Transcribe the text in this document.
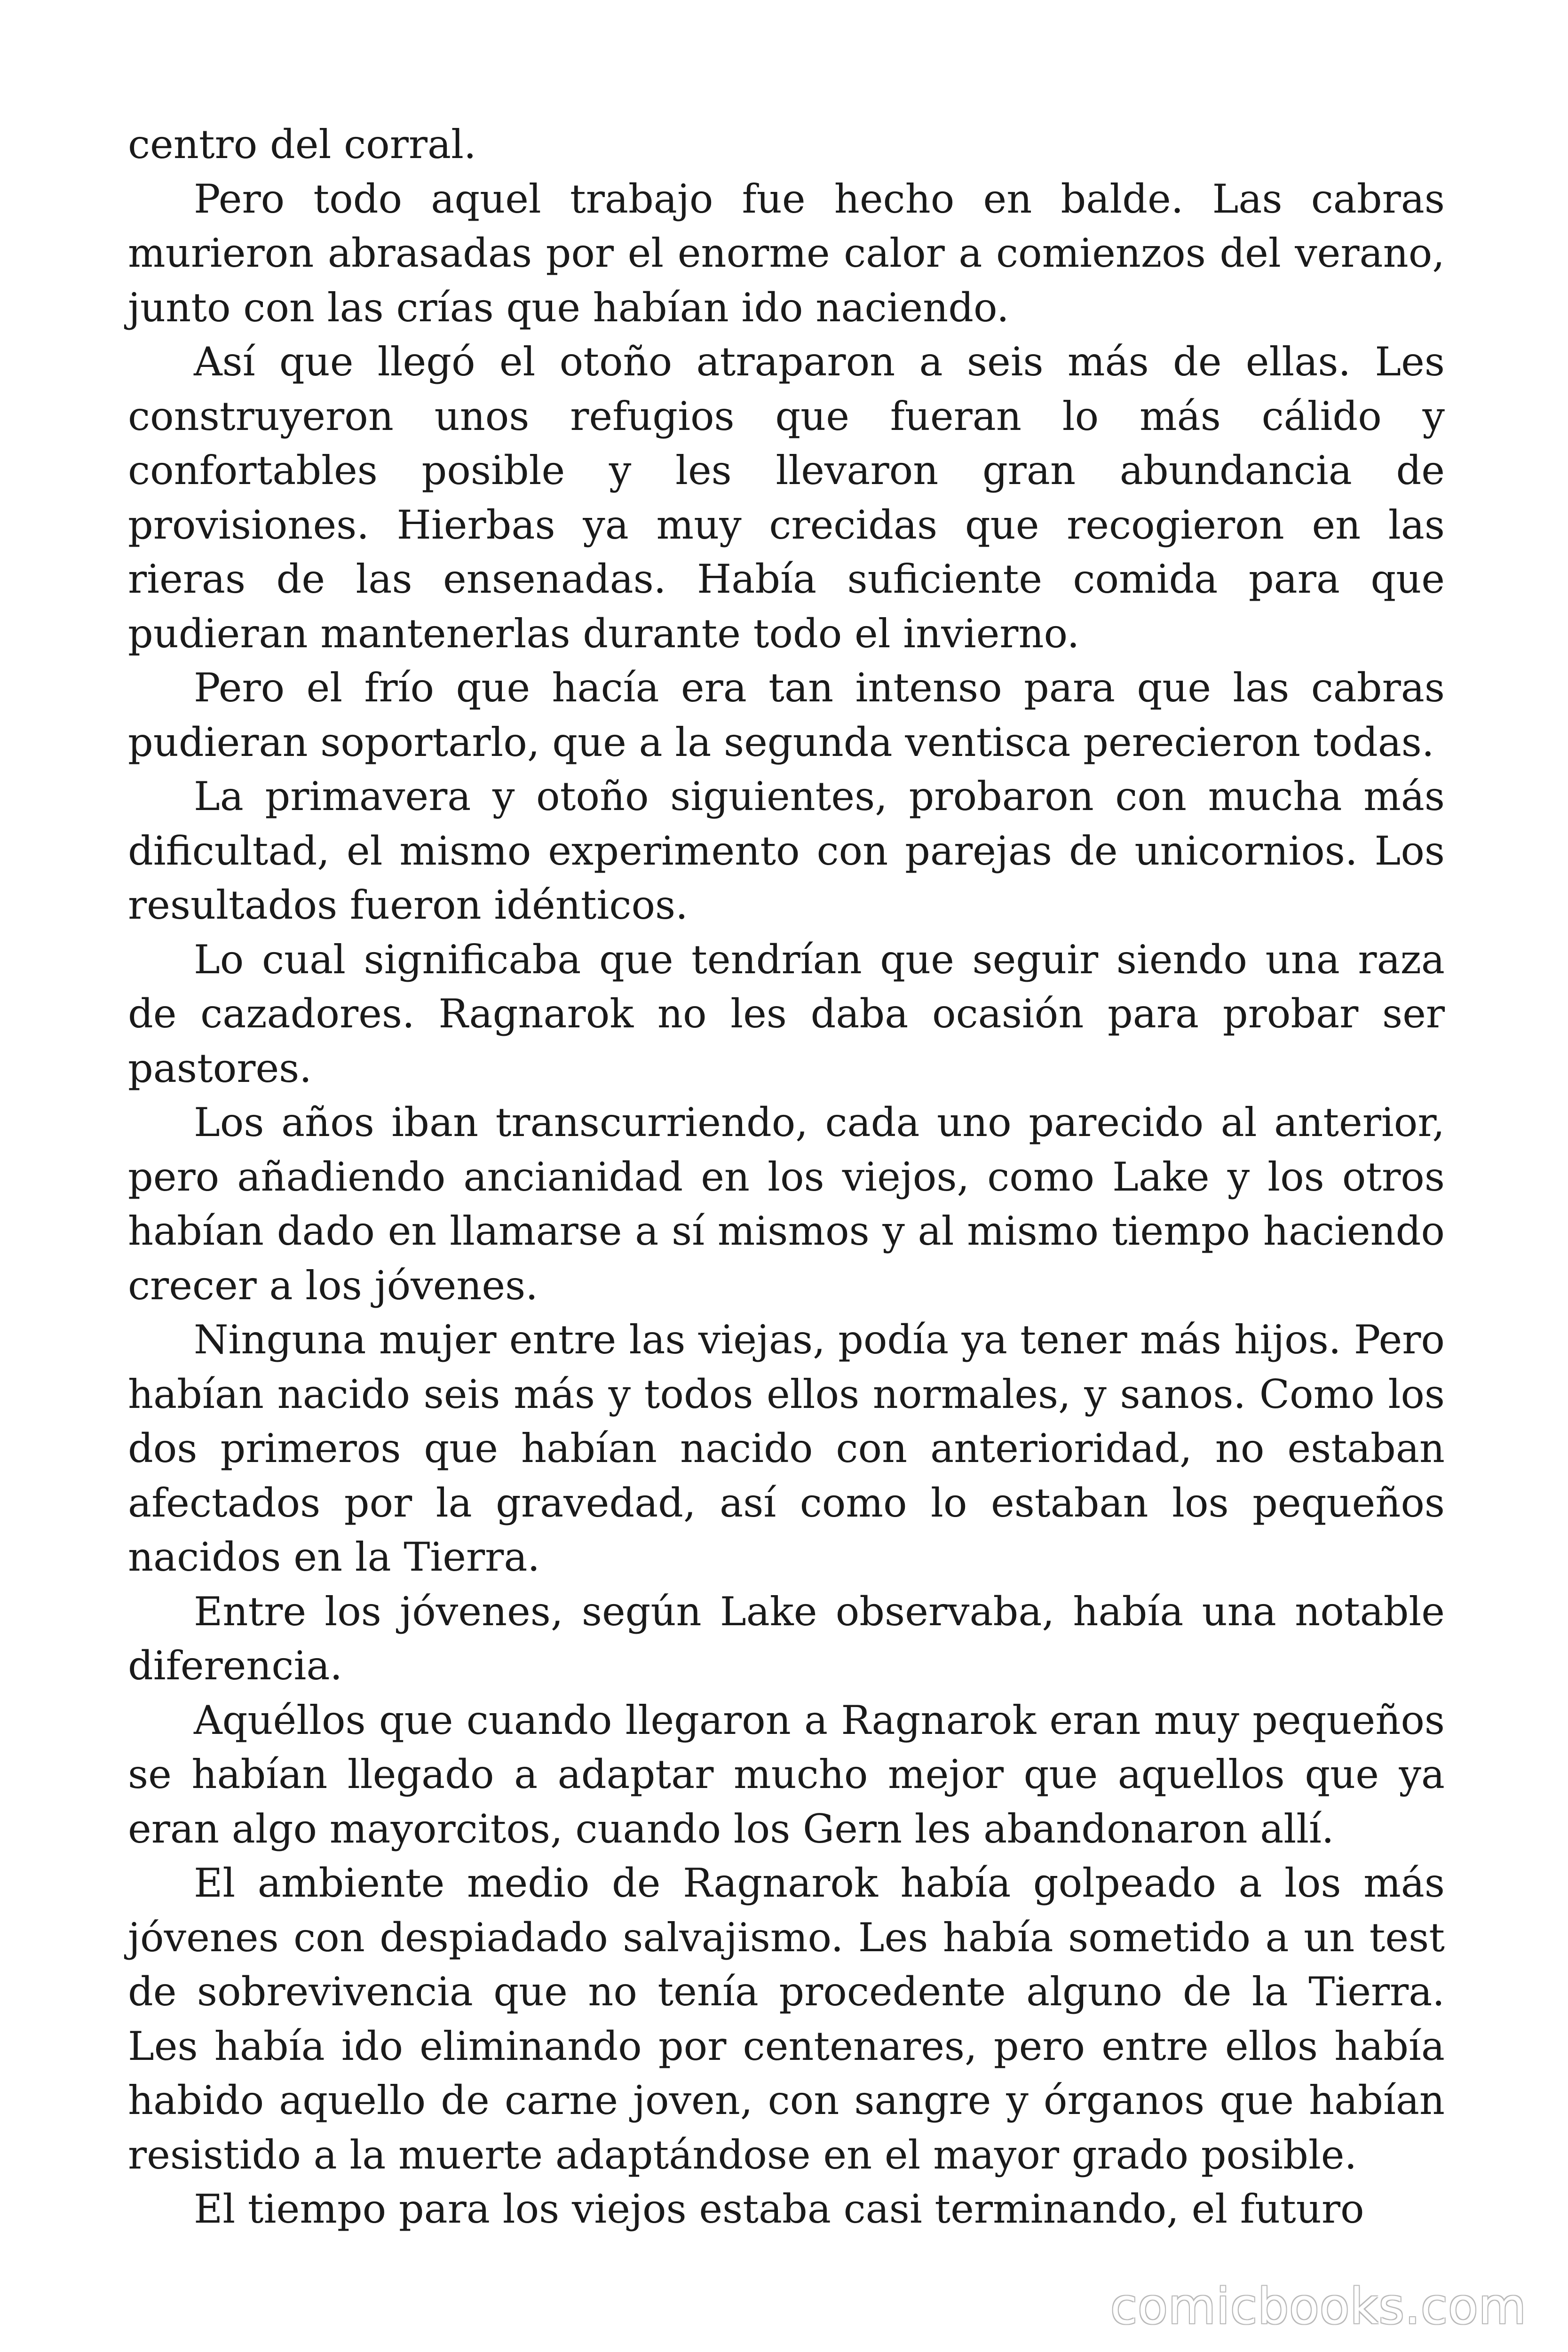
centro del corral.

Pero todo aquel trabajo fue hecho en balde. Las cabras murieron abrasadas por el enorme calor a comienzos del verano, junto con las crías que habían ido naciendo.

Así que llegó el otoño atraparon a seis más de ellas. Les construyeron unos refugios que fueran lo más cálido y confortables posible y les llevaron gran abundancia de provisiones. Hierbas ya muy crecidas que recogieron en las rieras de las ensenadas. Había suficiente comida para que pudieran mantenerlas durante todo el invierno.

Pero el frío que hacía era tan intenso para que las cabras pudieran soportarlo, que a la segunda ventisca perecieron todas.

La primavera y otoño siguientes, probaron con mucha más dificultad, el mismo experimento con parejas de unicornios. Los resultados fueron idénticos.

Lo cual significaba que tendrían que seguir siendo una raza de cazadores. Ragnarok no les daba ocasión para probar ser pastores.

Los años iban transcurriendo, cada uno parecido al anterior, pero añadiendo ancianidad en los viejos, como Lake y los otros habían dado en llamarse a sí mismos y al mismo tiempo haciendo crecer a los jóvenes.

Ninguna mujer entre las viejas, podía ya tener más hijos. Pero habían nacido seis más y todos ellos normales, y sanos. Como los dos primeros que habían nacido con anterioridad, no estaban afectados por la gravedad, así como lo estaban los pequeños nacidos en la Tierra.

Entre los jóvenes, según Lake observaba, había una notable diferencia.

Aquéllos que cuando llegaron a Ragnarok eran muy pequeños se habían llegado a adaptar mucho mejor que aquellos que ya eran algo mayorcitos, cuando los Gern les abandonaron allí.

El ambiente medio de Ragnarok había golpeado a los más jóvenes con despiadado salvajismo. Les había sometido a un test de sobrevivencia que no tenía procedente alguno de la Tierra. Les había ido eliminando por centenares, pero entre ellos había habido aquello de carne joven, con sangre y órganos que habían resistido a la muerte adaptándose en el mayor grado posible.

El tiempo para los viejos estaba casi terminando, el futuro

comicbooks.com
